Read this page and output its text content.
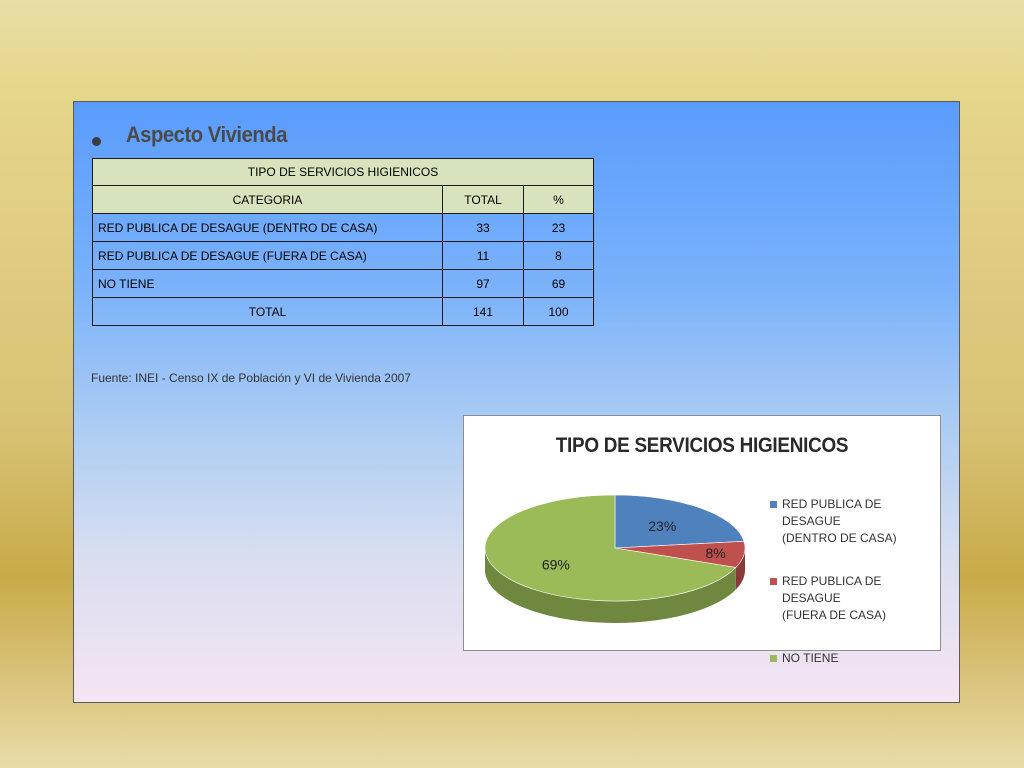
Aspecto Vivienda
TIPO DE SERVICIOS HIGIENICOS		
CATEGORIA	TOTAL	%
RED PUBLICA DE DESAGUE (DENTRO DE CASA)	33	23
RED PUBLICA DE DESAGUE (FUERA DE CASA)	11	8
NO TIENE	97	69
TOTAL	141	100
Fuente: INEI - Censo IX de Población y VI de Vivienda 2007
TIPO DE SERVICIOS HIGIENICOS
23%
8%
69%
RED PUBLICA DE DESAGUE
(DENTRO DE CASA)
RED PUBLICA DE DESAGUE
(FUERA DE CASA)
NO TIENE
